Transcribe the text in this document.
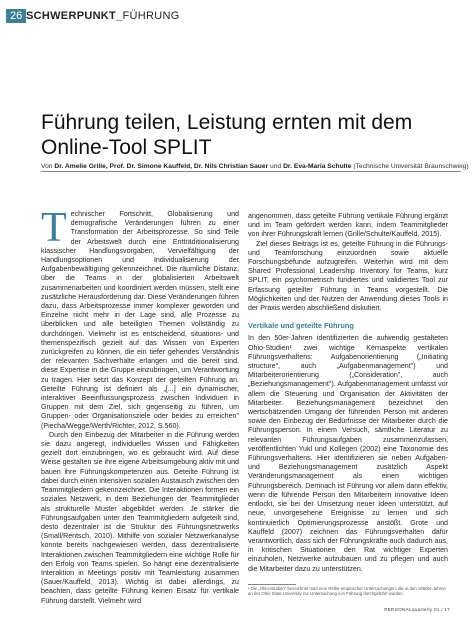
26 SCHWERPUNKT_FÜHRUNG
Führung teilen, Leistung ernten mit dem
Online-Tool SPLIT
Von Dr. Amelie Grille, Prof. Dr. Simone Kauffeld, Dr. Nils Christian Sauer und Dr. Eva-Maria Schulte (Technische Universität Braunschweig)

Technischer Fortschritt, Globalisierung und demografische Veränderungen führen zu einer Transformation der Arbeitsprozesse. So sind Teile der Arbeitswelt durch eine Entträditionalisierung klassischer Handlungsvorgaben, Vervielfältigung der Handlungsoptionen und Individualisierung der Aufgabenbewältigung gekennzeichnet. Die räumliche Distanz, über die Teams in der globalisierten Arbeitswelt zusammenarbeiten und koordiniert werden müssen, stellt eine zusätzliche Herausforderung dar. Diese Veränderungen führen dazu, dass Arbeitsprozesse immer komplexer geworden und Einzelne nicht mehr in der Lage sind, alle Prozesse zu überblicken und alle beteiligten Themen vollständig zu durchdringen. Vielmehr ist es entscheidend, situations- und themenspezifisch gezielt auf das Wissen von Experten zurückgreifen zu können, die ein tiefer gehendes Verständnis der relevanten Sachverhalte erlangen und die bereit sind, diese Expertise in die Gruppe einzubringen, um Verantwortung zu tragen. Hier setzt das Konzept der geteilten Führung an. Geteilte Führung ist definiert als „[...] ein dynamischer, interaktiver Beeinflussungsprozess zwischen Individuen in Gruppen mit dem Ziel, sich gegenseitig zu führen, um Gruppen- oder Organisationsziele oder beides zu erreichen" (Piecha/Wegge/Werth/Richter, 2012, S.560).

Durch den Einbezug der Mitarbeiter in die Führung werden sie dazu angeregt, individuelles Wissen und Fähigkeiten gezielt dort einzubringen, wo es gebraucht wird. Auf diese Weise gestalten sie ihre eigene Arbeitsumgebung aktiv mit und bauen ihre Führungskompetenzen aus. Geteilte Führung ist dabei durch einen intensiven sozialen Austausch zwischen den Teammitgliedern gekennzeichnet. Die Interaktionen formen ein soziales Netzwerk, in dem Beziehungen der Teammitglieder als strukturelle Muster abgebildet werden. Je stärker die Führungsaufgaben unter den Teammitgliedern aufgeteilt sind, desto dezentraler ist die Struktur des Führungsnetzwerks (Small/Rentsch, 2010). Mithilfe von sozialer Netzwerkanalyse konnte bereits nachgewiesen werden, dass dezentralisierte Interaktionen zwischen Teammitgliedern eine wichtige Rolle für den Erfolg von Teams spielen. So hängt eine dezentralisierte Interaktion in Meetings positiv mit Teamleistung zusammen (Sauer/Kauffeld, 2013). Wichtig ist dabei allerdings, zu beachten, dass geteilte Führung keinen Ersatz für vertikale Führung darstellt. Vielmehr wird

angenommen, dass geteilte Führung vertikale Führung ergänzt und im Team gefördert werden kann, indem Teammitglieder von ihrer Führungskraft lernen (Grille/Schulte/Kauffeld, 2015).

Ziel dieses Beitrags ist es, geteilte Führung in die Führungs- und Teamforschung einzuordnen sowie aktuelle Forschungsbefunde aufzugreifen. Weiterhin wird mit dem Shared Professional Leadership Inventory for Teams, kurz SPLIT, ein psychometrisch fundiertes und validiertes Tool zur Erfassung geteilter Führung in Teams vorgestellt. Die Möglichkeiten und der Nutzen der Anwendung dieses Tools in der Praxis werden abschließend diskutiert.

Vertikale und geteilte Führung

In den 50er-Jahren identifizierten die aufwendig gestalteten Ohio-Studien¹ zwei wichtige Kernaspekte vertikalen Führungsverhaltens: Aufgabenorientierung („Initiating structure", auch „Aufgabenmanagement") und Mitarbeiterorientierung („Consideration", auch „Beziehungsmanagement"). Aufgabenmanagement umfasst vor allem die Steuerung und Organisation der Aktivitäten der Mitarbeiter. Beziehungsmanagement bezeichnet den wertschätzenden Umgang der führenden Person mit anderen sowie den Einbezug der Bedürfnisse der Mitarbeiter durch die Führungsperson. In einem Versuch, sämtliche Literatur zu relevanten Führungsaufgaben zusammenzufassen, veröffentlichten Yukl und Kollegen (2002) eine Taxonomie des Führungsverhaltens. Hier identifizieren sie neben Aufgaben- und Beziehungsmanagement zusätzlich Aspekt Veränderungsmanagement als einen wichtigen Führungsbereich. Demnach ist Führung vor allem dann effektiv, wenn die führende Person den Mitarbeitern innovative Ideen entlockt, sie bei der Umsetzung neuer Ideen unterstützt, auf neue, unvorgesehene Ereignisse zu lernen und sich kontinuierlich Optimierungsprozesse anstößt. Grote und Kauffeld (2007) zeichnen das Führungsverhalten dafür verantwortlich, dass sich der Führungskräfte auch dadurch aus, in kritischen Situationen den Rat wichtiger Experten einzuholen, Netzwerke aufzubauen und zu pflegen und auch die Mitarbeiter dazu zu unterstützen.

¹ Die „Ohio-Studien" bezeichnet man eine Reihe empirischer Untersuchungen, die in den 1950er-Jahren an der Ohio State University zur Untersuchung von Führung durchgeführt wurden.
PERSONALquarterly 01 / 17
